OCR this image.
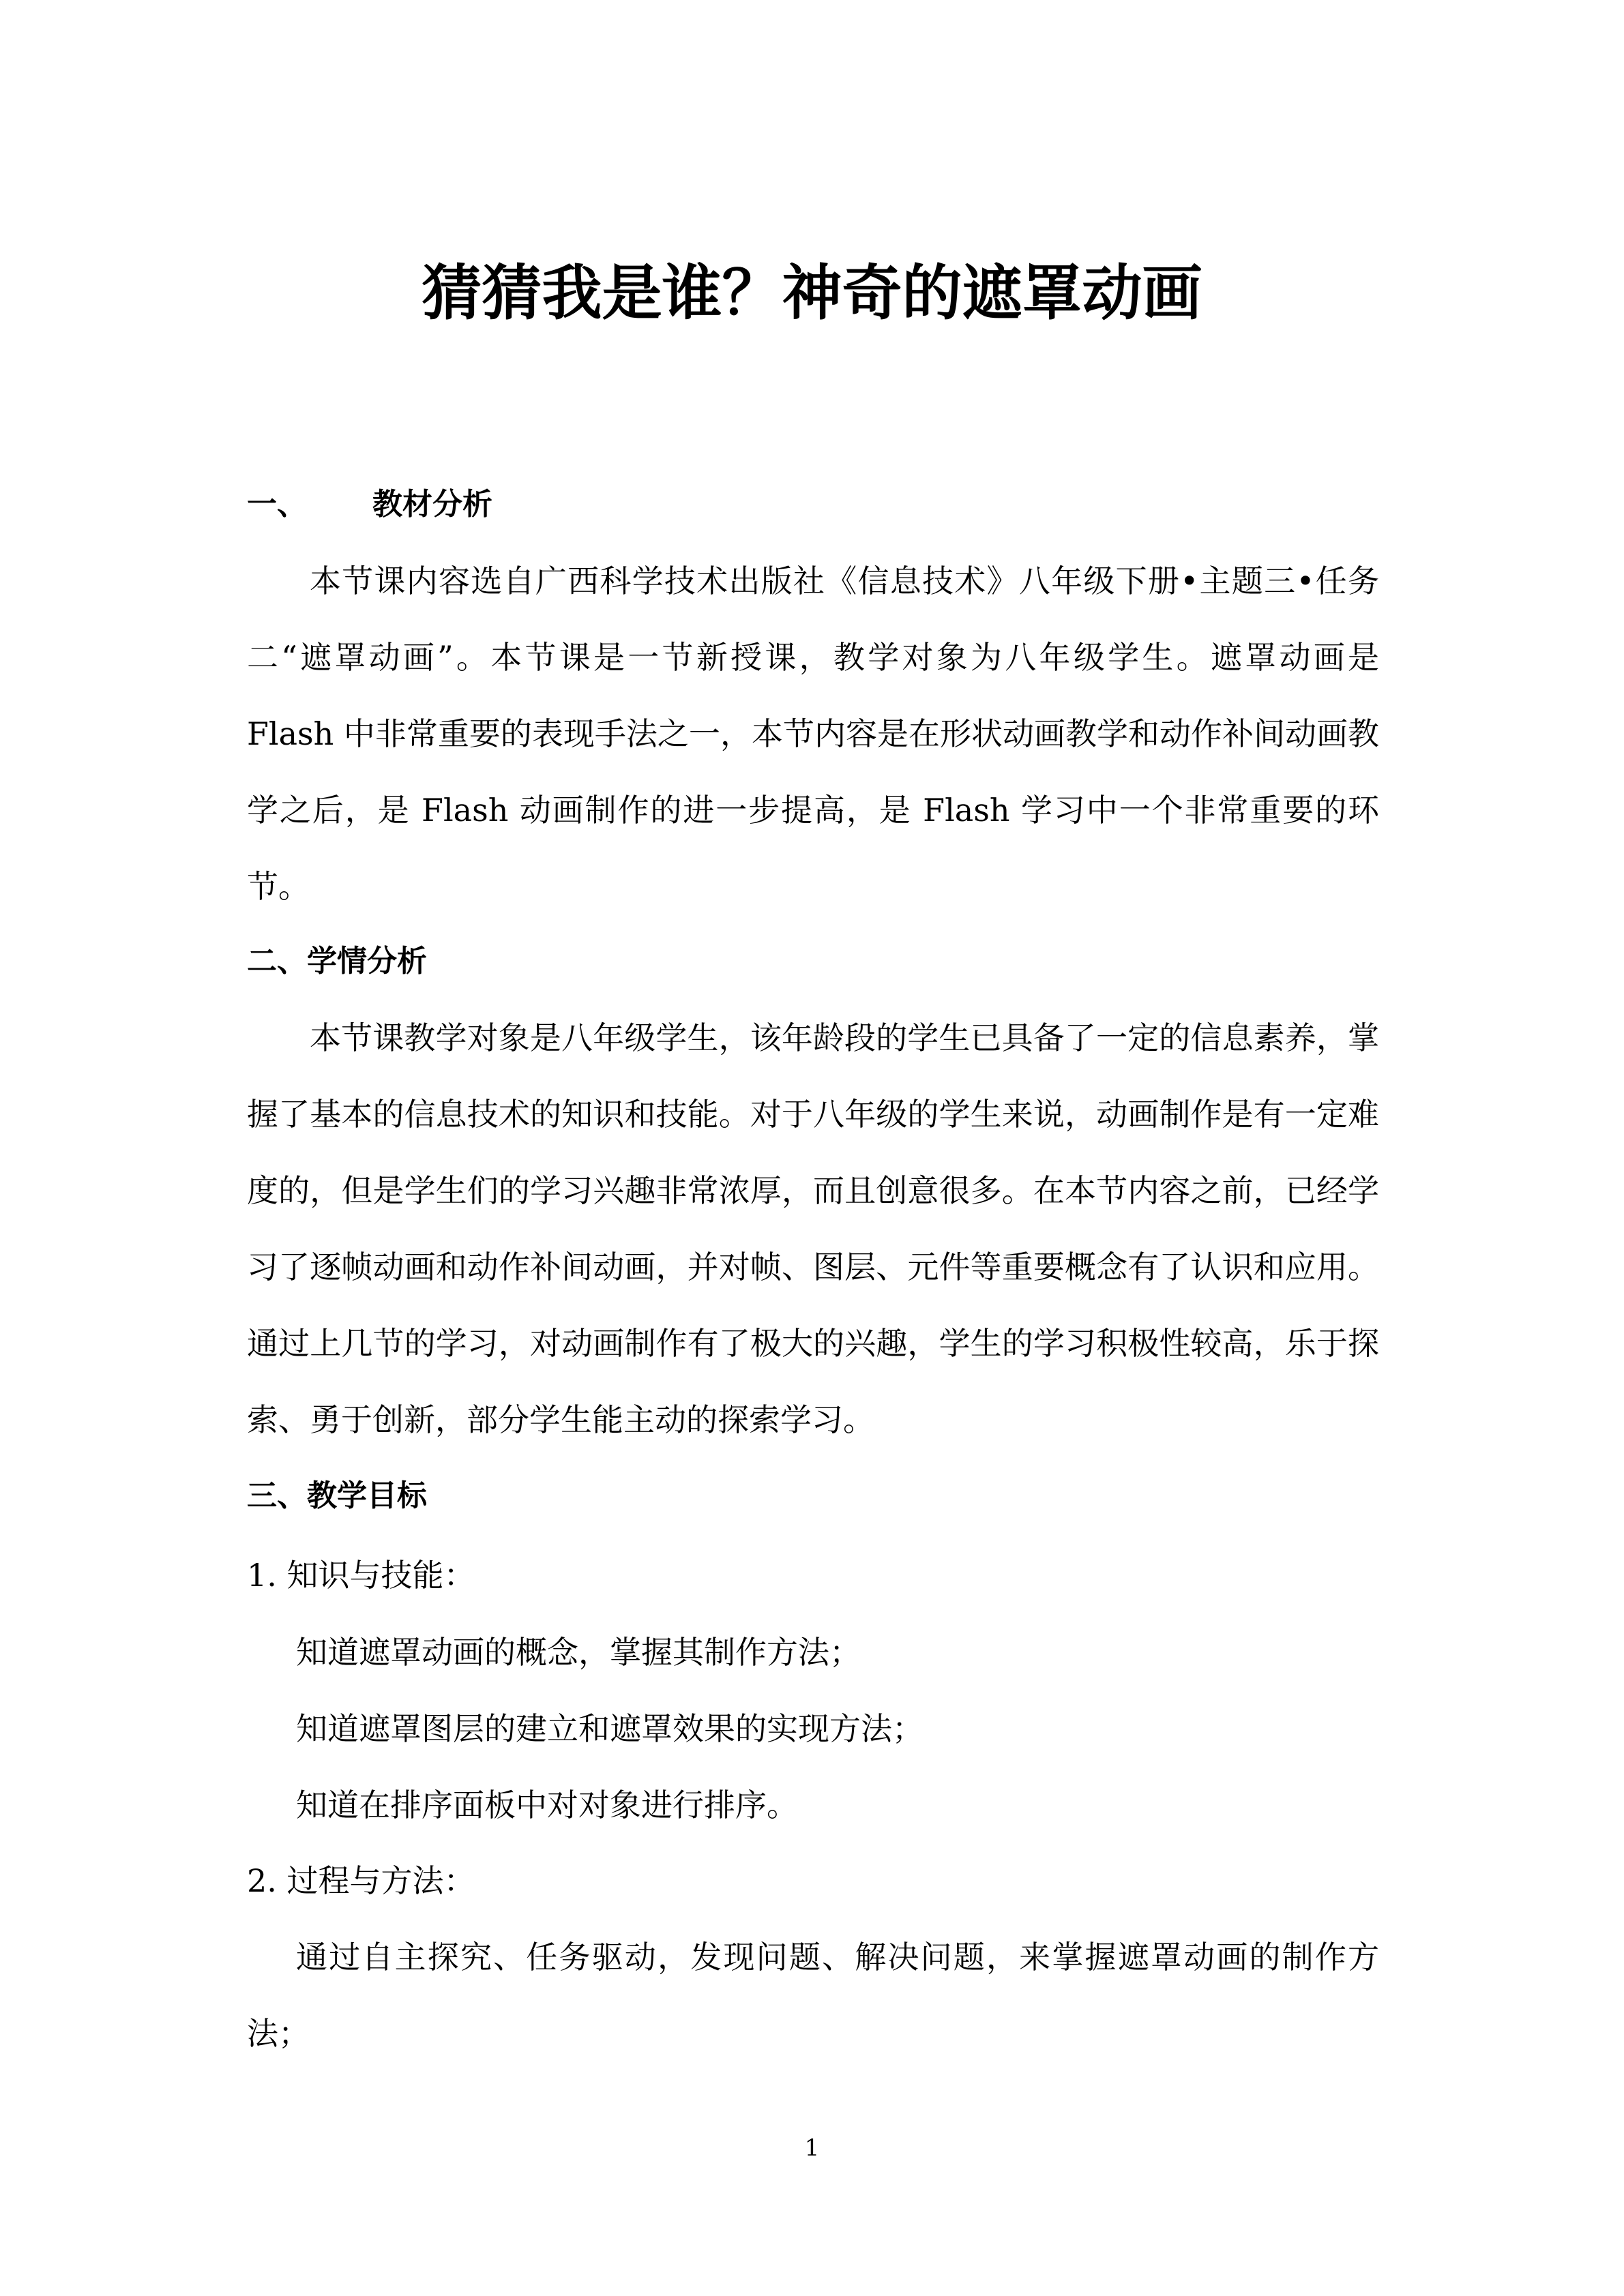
猜猜我是谁？神奇的遮罩动画
一、 教材分析

本节课内容选自广西科学技术出版社《信息技术》八年级下册•主题三•任务二“遮罩动画”。本节课是一节新授课，教学对象为八年级学生。遮罩动画是 Flash 中非常重要的表现手法之一，本节内容是在形状动画教学和动作补间动画教学之后，是 Flash 动画制作的进一步提高，是 Flash 学习中一个非常重要的环节。

二、学情分析

本节课教学对象是八年级学生，该年龄段的学生已具备了一定的信息素养，掌握了基本的信息技术的知识和技能。对于八年级的学生来说，动画制作是有一定难度的，但是学生们的学习兴趣非常浓厚，而且创意很多。在本节内容之前，已经学习了逐帧动画和动作补间动画，并对帧、图层、元件等重要概念有了认识和应用。通过上几节的学习，对动画制作有了极大的兴趣，学生的学习积极性较高，乐于探索、勇于创新，部分学生能主动的探索学习。

三、教学目标
1. 知识与技能：
知道遮罩动画的概念，掌握其制作方法；
知道遮罩图层的建立和遮罩效果的实现方法；
知道在排序面板中对对象进行排序。
2. 过程与方法：

通过自主探究、任务驱动，发现问题、解决问题，来掌握遮罩动画的制作方法；

1
